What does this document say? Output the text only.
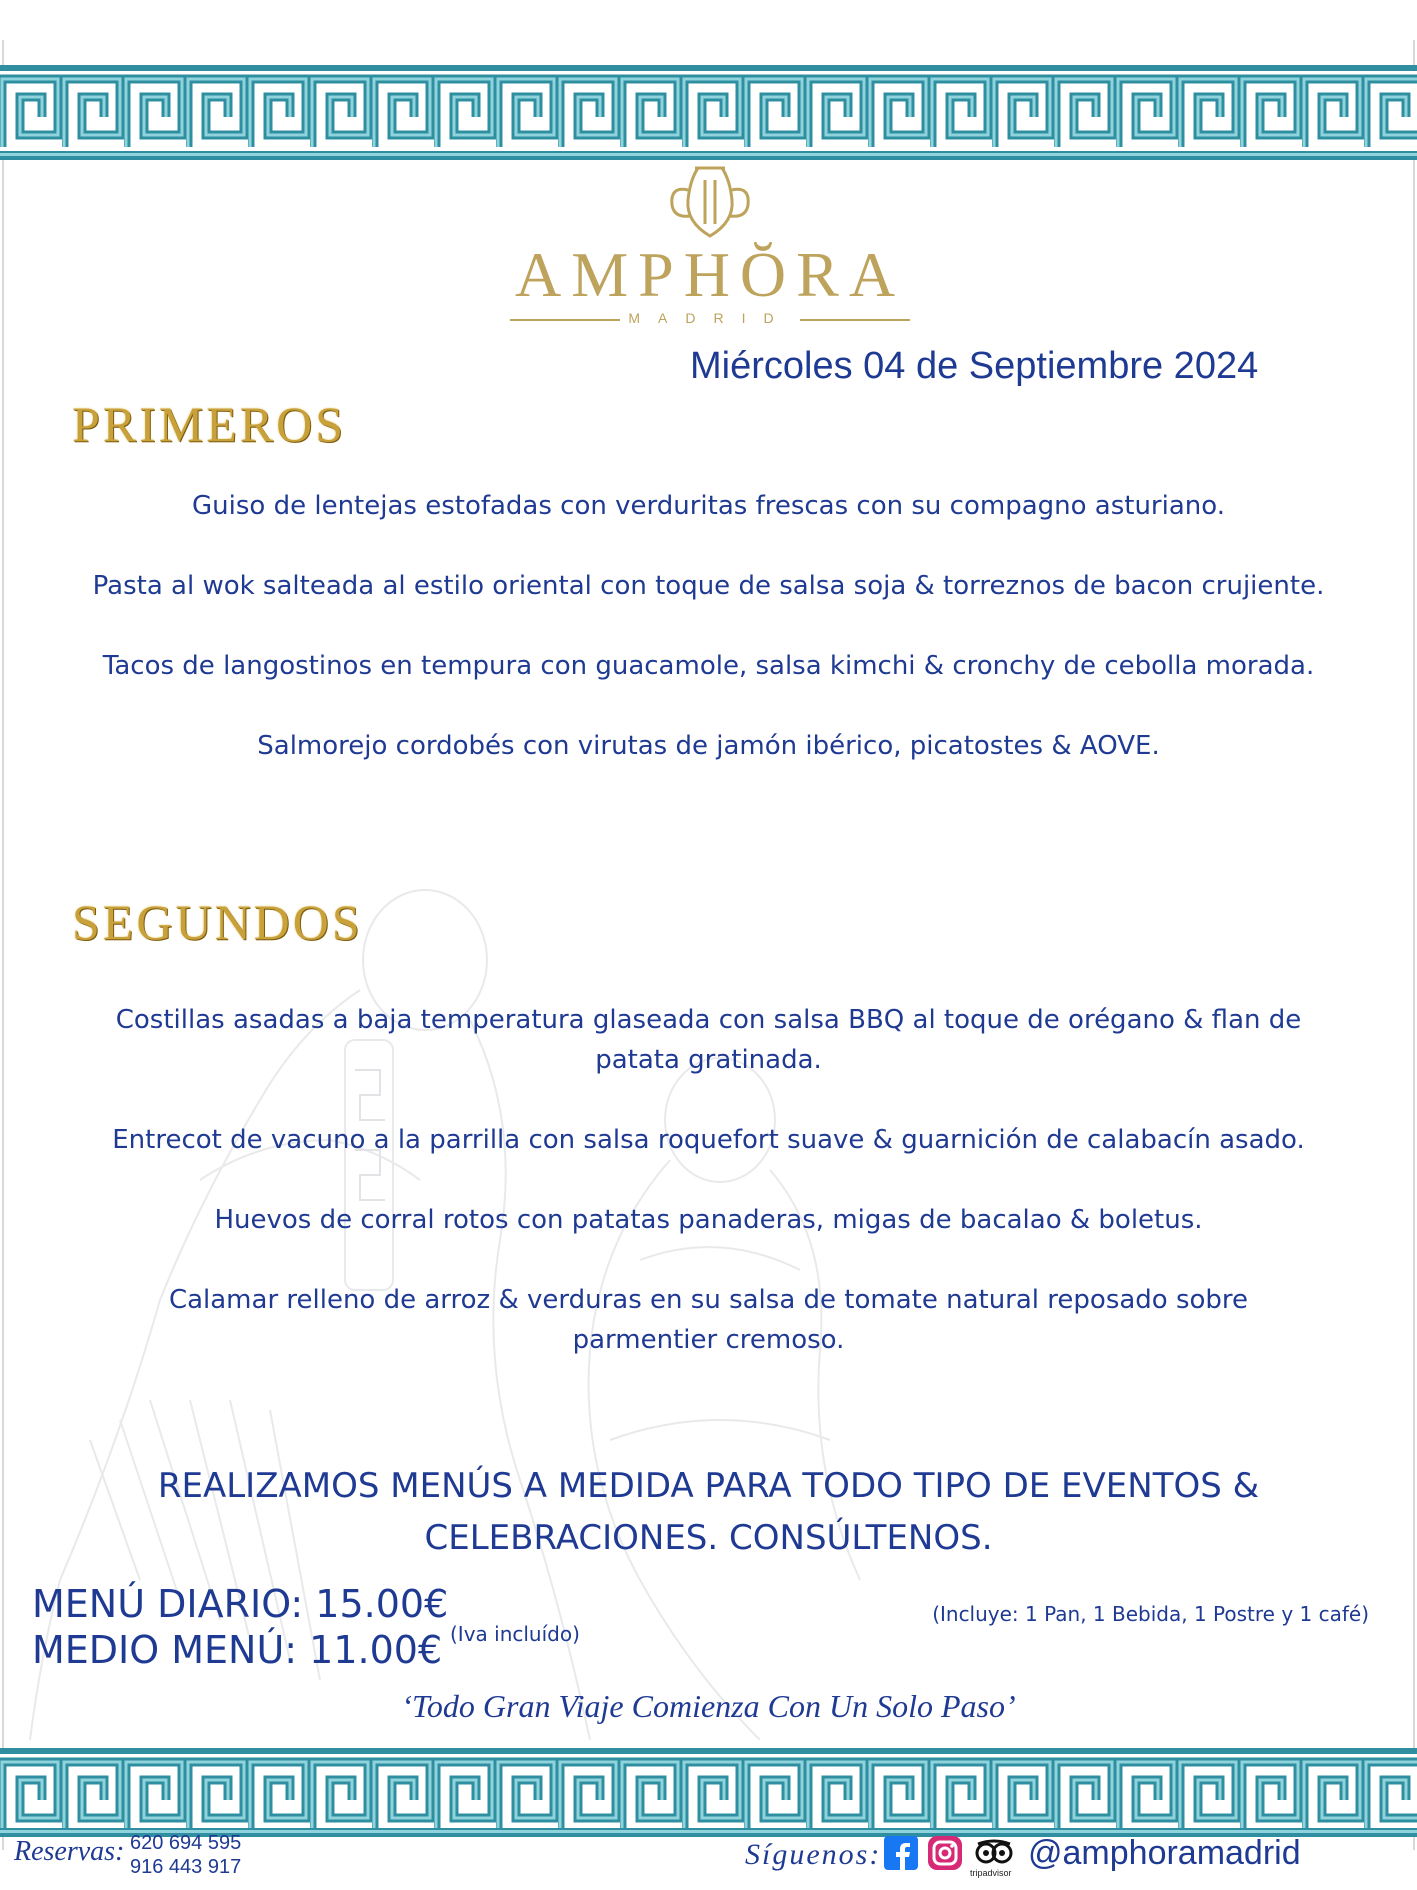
AMPHŎRA
MADRID
Miércoles 04 de Septiembre 2024
PRIMEROS
Guiso de lentejas estofadas con verduritas frescas con su compagno asturiano.
Pasta al wok salteada al estilo oriental con toque de salsa soja & torreznos de bacon crujiente.
Tacos de langostinos en tempura con guacamole, salsa kimchi & cronchy de cebolla morada.
Salmorejo cordobés con virutas de jamón ibérico, picatostes & AOVE.
SEGUNDOS
Costillas asadas a baja temperatura glaseada con salsa BBQ al toque de orégano & flan de patata gratinada.
Entrecot de vacuno a la parrilla con salsa roquefort suave & guarnición de calabacín asado.
Huevos de corral rotos con patatas panaderas, migas de bacalao & boletus.
Calamar relleno de arroz & verduras en su salsa de tomate natural reposado sobre parmentier cremoso.
REALIZAMOS MENÚS A MEDIDA PARA TODO TIPO DE EVENTOS & CELEBRACIONES. CONSÚLTENOS.
MENÚ DIARIO: 15.00€
MEDIO MENÚ: 11.00€ (Iva incluído)
(Incluye: 1 Pan, 1 Bebida, 1 Postre y 1 café)
‘Todo Gran Viaje Comienza Con Un Solo Paso’
Reservas: 620 694 595
916 443 917	Síguenos:
tripadvisor
@amphoramadrid
